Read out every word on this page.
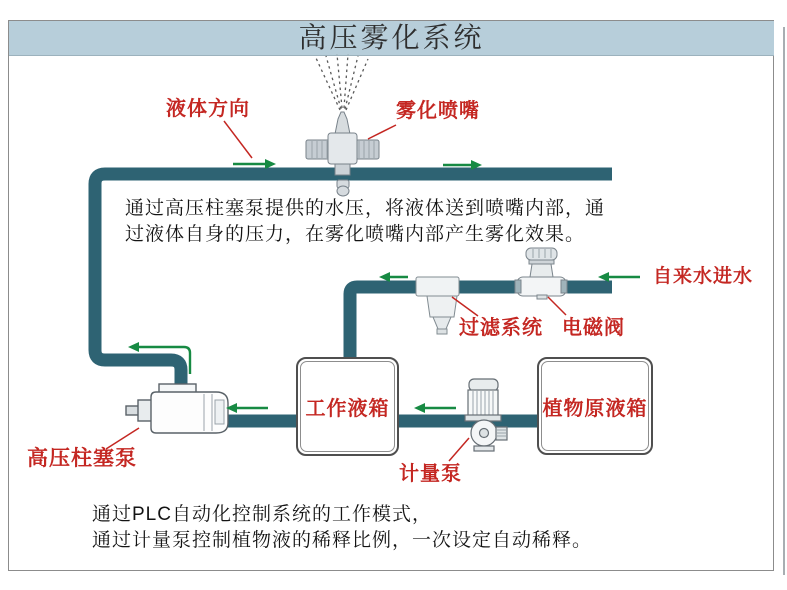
高压雾化系统
液体方向	雾化喷嘴
自来水进水
过滤系统 电磁阀
高压柱塞泵
计量泵
工作液箱	植物原液箱
通过高压柱塞泵提供的水压，将液体送到喷嘴内部，通
过液体自身的压力，在雾化喷嘴内部产生雾化效果。
通过PLC自动化控制系统的工作模式，
通过计量泵控制植物液的稀释比例，一次设定自动稀释。
